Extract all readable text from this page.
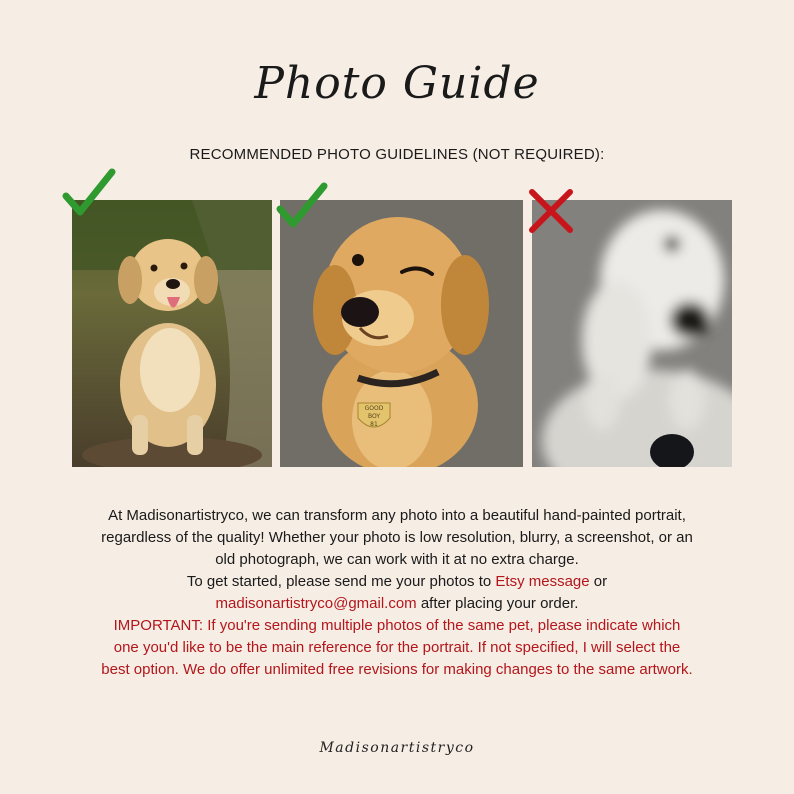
Photo Guide
RECOMMENDED PHOTO GUIDELINES (NOT REQUIRED):
GOOD
BOY
81
At Madisonartistryco, we can transform any photo into a beautiful hand-painted portrait, regardless of the quality! Whether your photo is low resolution, blurry, a screenshot, or an old photograph, we can work with it at no extra charge.
To get started, please send me your photos to Etsy message or
madisonartistryco@gmail.com after placing your order.
IMPORTANT: If you're sending multiple photos of the same pet, please indicate which one you'd like to be the main reference for the portrait. If not specified, I will select the best option. We do offer unlimited free revisions for making changes to the same artwork.
Madisonartistryco
